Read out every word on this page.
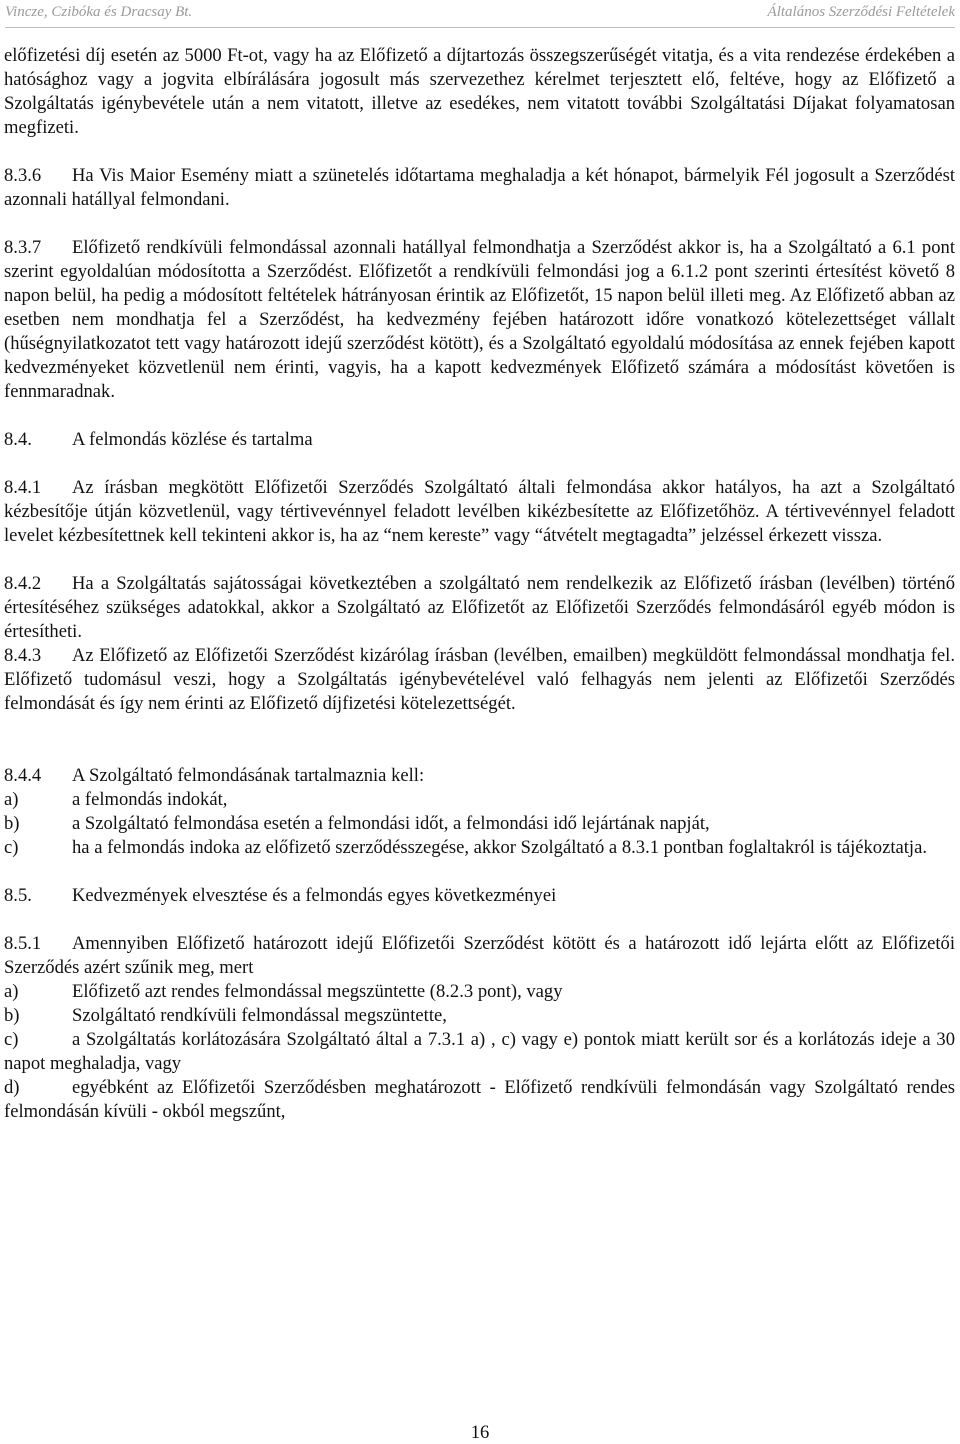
Vincze, Czibóka és Dracsay Bt.	Általános Szerződési Feltételek

előfizetési díj esetén az 5000 Ft-ot, vagy ha az Előfizető a díjtartozás összegszerűségét vitatja, és a vita rendezése érdekében a hatósághoz vagy a jogvita elbírálására jogosult más szervezethez kérelmet terjesztett elő, feltéve, hogy az Előfizető a Szolgáltatás igénybevétele után a nem vitatott, illetve az esedékes, nem vitatott további Szolgáltatási Díjakat folyamatosan megfizeti.

8.3.6 Ha Vis Maior Esemény miatt a szünetelés időtartama meghaladja a két hónapot, bármelyik Fél jogosult a Szerződést azonnali hatállyal felmondani.

8.3.7 Előfizető rendkívüli felmondással azonnali hatállyal felmondhatja a Szerződést akkor is, ha a Szolgáltató a 6.1 pont szerint egyoldalúan módosította a Szerződést. Előfizetőt a rendkívüli felmondási jog a 6.1.2 pont szerinti értesítést követő 8 napon belül, ha pedig a módosított feltételek hátrányosan érintik az Előfizetőt, 15 napon belül illeti meg. Az Előfizető abban az esetben nem mondhatja fel a Szerződést, ha kedvezmény fejében határozott időre vonatkozó kötelezettséget vállalt (hűségnyilatkozatot tett vagy határozott idejű szerződést kötött), és a Szolgáltató egyoldalú módosítása az ennek fejében kapott kedvezményeket közvetlenül nem érinti, vagyis, ha a kapott kedvezmények Előfizető számára a módosítást követően is fennmaradnak.

8.4. A felmondás közlése és tartalma

8.4.1 Az írásban megkötött Előfizetői Szerződés Szolgáltató általi felmondása akkor hatályos, ha azt a Szolgáltató kézbesítője útján közvetlenül, vagy tértivevénnyel feladott levélben kikézbesítette az Előfizetőhöz. A tértivevénnyel feladott levelet kézbesítettnek kell tekinteni akkor is, ha az “nem kereste” vagy “átvételt megtagadta” jelzéssel érkezett vissza.

8.4.2 Ha a Szolgáltatás sajátosságai következtében a szolgáltató nem rendelkezik az Előfizető írásban (levélben) történő értesítéséhez szükséges adatokkal, akkor a Szolgáltató az Előfizetőt az Előfizetői Szerződés felmondásáról egyéb módon is értesítheti.

8.4.3 Az Előfizető az Előfizetői Szerződést kizárólag írásban (levélben, emailben) megküldött felmondással mondhatja fel. Előfizető tudomásul veszi, hogy a Szolgáltatás igénybevételével való felhagyás nem jelenti az Előfizetői Szerződés felmondását és így nem érinti az Előfizető díjfizetési kötelezettségét.

8.4.4 A Szolgáltató felmondásának tartalmaznia kell:

a)	a felmondás indokát,

b)	a Szolgáltató felmondása esetén a felmondási időt, a felmondási idő lejártának napját,

c)	ha a felmondás indoka az előfizető szerződésszegése, akkor Szolgáltató a 8.3.1 pontban foglaltakról is tájékoztatja.

8.5. Kedvezmények elvesztése és a felmondás egyes következményei

8.5.1 Amennyiben Előfizető határozott idejű Előfizetői Szerződést kötött és a határozott idő lejárta előtt az Előfizetői Szerződés azért szűnik meg, mert

a)	Előfizető azt rendes felmondással megszüntette (8.2.3 pont), vagy

b)	Szolgáltató rendkívüli felmondással megszüntette,

c)	a Szolgáltatás korlátozására Szolgáltató által a 7.3.1 a) , c) vagy e) pontok miatt került sor és a korlátozás ideje a 30 napot meghaladja, vagy

d)	egyébként az Előfizetői Szerződésben meghatározott - Előfizető rendkívüli felmondásán vagy Szolgáltató rendes felmondásán kívüli - okból megszűnt,

16
